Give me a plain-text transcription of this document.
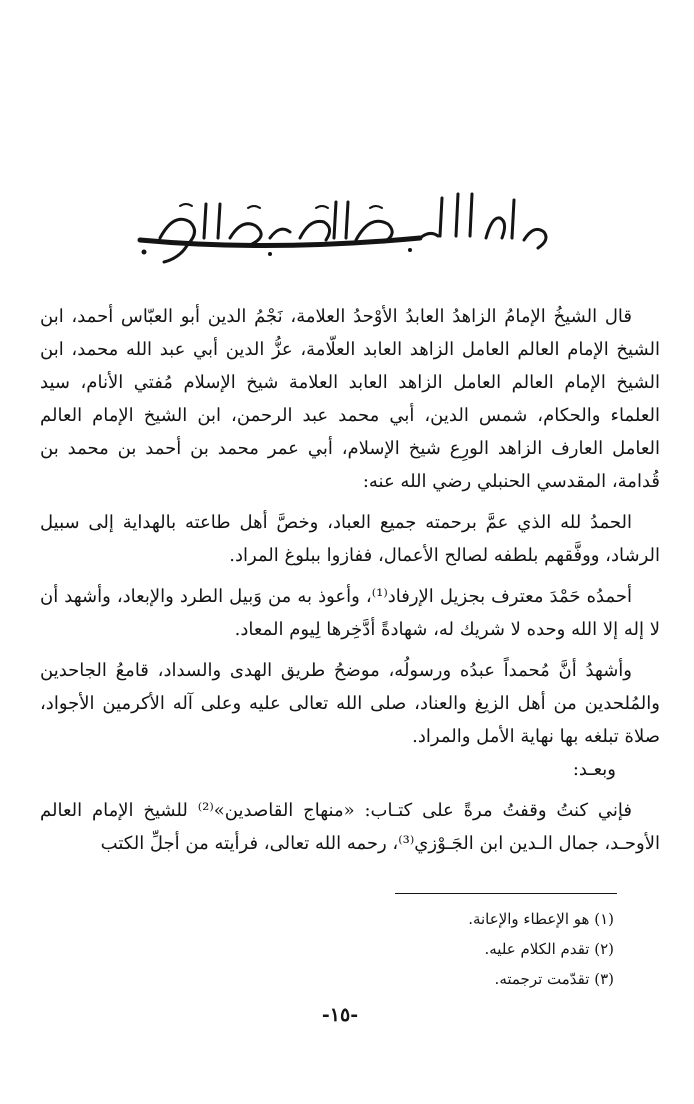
قال الشيخُ الإمامُ الزاهدُ العابدُ الأوْحدُ العلامة، نَجْمُ الدين أبو العبّاس أحمد، ابن الشيخ الإمام العالم العامل الزاهد العابد العلّامة، عزُّ الدين أبي عبد الله محمد، ابن الشيخ الإمام العالم العامل الزاهد العابد العلامة شيخ الإسلام مُفتي الأنام، سيد العلماء والحكام، شمس الدين، أبي محمد عبد الرحمن، ابن الشيخ الإمام العالم العامل العارف الزاهد الورِع شيخ الإسلام، أبي عمر محمد بن أحمد بن محمد بن قُدامة، المقدسي الحنبلي رضي الله عنه:

الحمدُ لله الذي عمَّ برحمته جميع العباد، وخصَّ أهل طاعته بالهداية إلى سبيل الرشاد، ووفَّقهم بلطفه لصالح الأعمال، ففازوا ببلوغ المراد.

أحمدُه حَمْدَ معترف بجزيل الإرفاد⁽¹⁾، وأعوذ به من وَبيل الطرد والإبعاد، وأشهد أن لا إله إلا الله وحده لا شريك له، شهادةً أدَّخِرها لِيوم المعاد.

وأشهدُ أنَّ مُحمداً عبدُه ورسولُه، موضحُ طريق الهدى والسداد، قامعُ الجاحدين والمُلحدين من أهل الزيغ والعناد، صلى الله تعالى عليه وعلى آله الأكرمين الأجواد، صلاة تبلغه بها نهاية الأمل والمراد.

وبعـد:

فإني كنتُ وقفتُ مرةً على كتـاب: «منهاج القاصدين»⁽²⁾ للشيخ الإمام العالم الأوحـد، جمال الـدين ابن الجَـوْزي⁽³⁾، رحمه الله تعالى، فرأيته من أجلِّ الكتب

(١) هو الإعطاء والإعانة.
(٢) تقدم الكلام عليه.
(٣) تقدّمت ترجمته.
-١٥-
